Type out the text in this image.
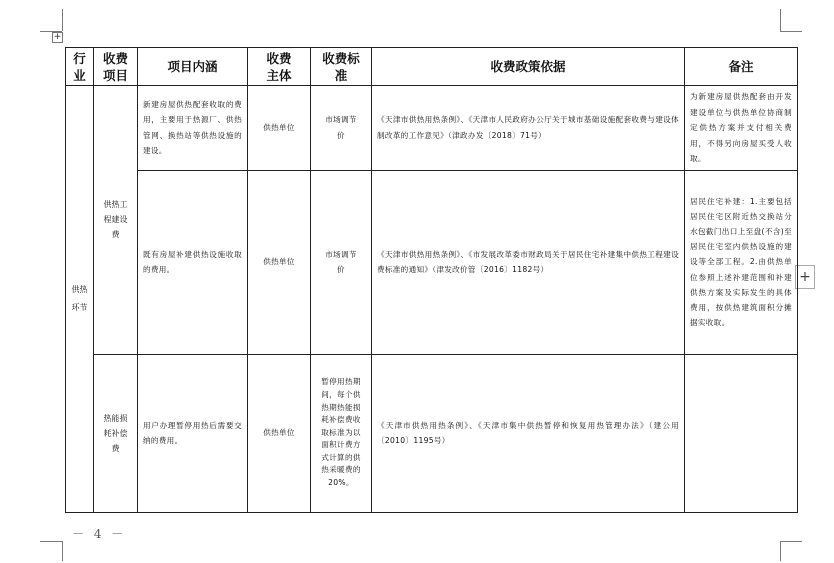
+
+
行业	收费项目	项目内涵	收费主体	收费标准	收费政策依据	备注

供热环节	供热工程建设费	新建房屋供热配套收取的费用，主要用于热源厂、供热管网、换热站等供热设施的建设。	供热单位	市场调节价	《天津市供热用热条例》、《天津市人民政府办公厅关于城市基础设施配套收费与建设体制改革的工作意见》（津政办发〔2018〕71号）	为新建房屋供热配套由开发建设单位与供热单位协商制定供热方案并支付相关费用，不得另向房屋买受人收取。

		既有房屋补建供热设施收取的费用。	供热单位	市场调节价	《天津市供热用热条例》、《市发展改革委市财政局关于居民住宅补建集中供热工程建设费标准的通知》（津发改价管〔2016〕1182号）	居民住宅补建：1.主要包括居民住宅区附近热交换站分水包截门出口上至盘(不含)至居民住宅室内供热设施的建设等全部工程。2.由供热单位参照上述补建范围和补建供热方案及实际发生的具体费用，按供热建筑面积分摊据实收取。

	热能损耗补偿费	用户办理暂停用热后需要交纳的费用。	供热单位	暂停用热期间，每个供热期热能损耗补偿费收取标准为以面积计费方式计算的供热采暖费的20%。	《天津市供热用热条例》、《天津市集中供热暂停和恢复用热管理办法》（建公用〔2010〕1195号）	

－ 4 －
